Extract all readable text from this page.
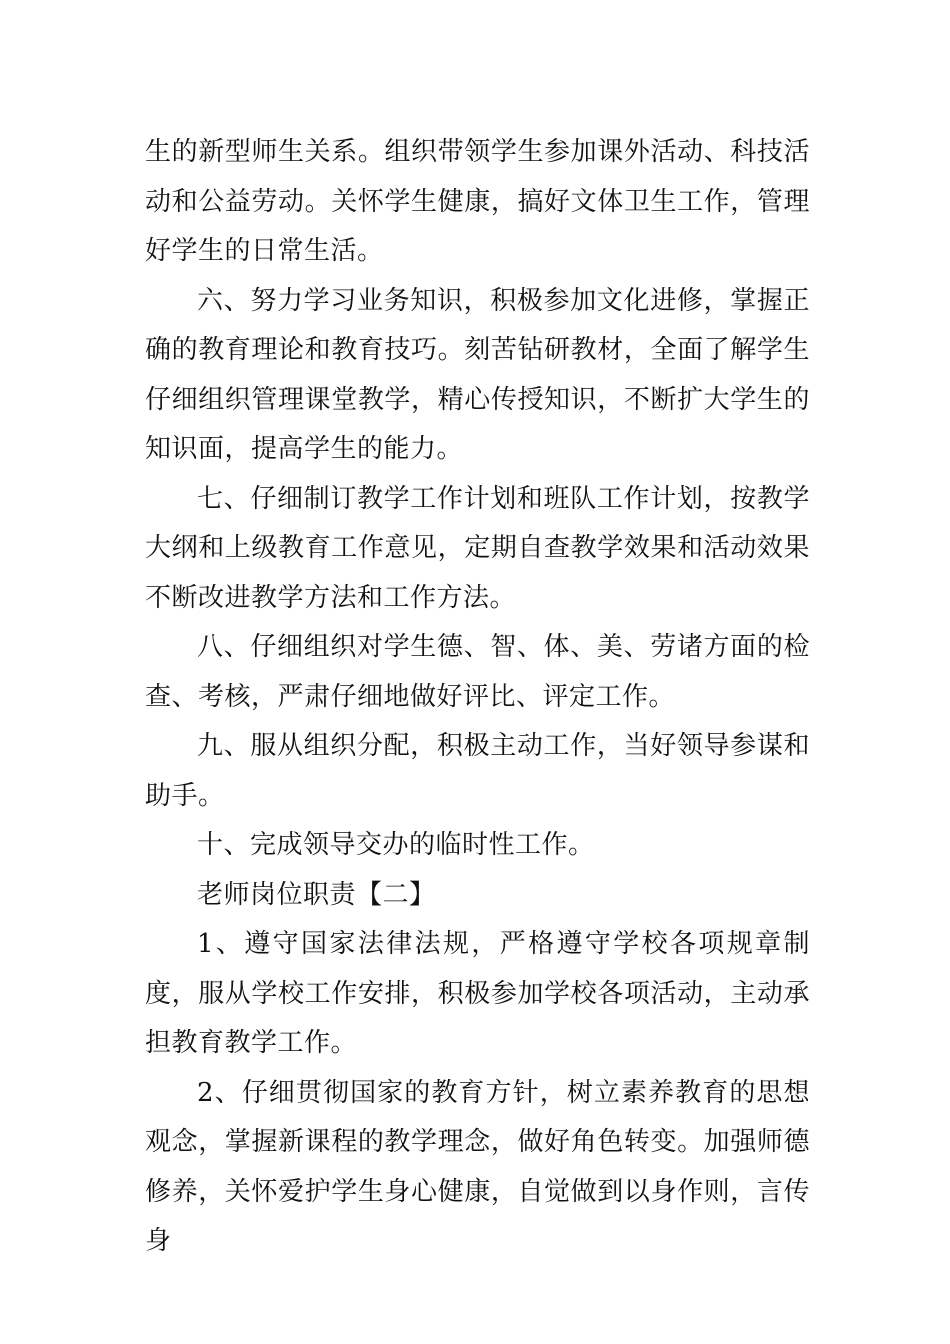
生的新型师生关系。组织带领学生参加课外活动、科技活动和公益劳动。关怀学生健康，搞好文体卫生工作，管理好学生的日常生活。

六、努力学习业务知识，积极参加文化进修，掌握正确的教育理论和教育技巧。刻苦钻研教材，全面了解学生仔细组织管理课堂教学，精心传授知识，不断扩大学生的知识面，提高学生的能力。

七、仔细制订教学工作计划和班队工作计划，按教学大纲和上级教育工作意见，定期自查教学效果和活动效果不断改进教学方法和工作方法。

八、仔细组织对学生德、智、体、美、劳诸方面的检查、考核，严肃仔细地做好评比、评定工作。

九、服从组织分配，积极主动工作，当好领导参谋和助手。

十、完成领导交办的临时性工作。

老师岗位职责【二】

1、遵守国家法律法规，严格遵守学校各项规章制度，服从学校工作安排，积极参加学校各项活动，主动承担教育教学工作。

2、仔细贯彻国家的教育方针，树立素养教育的思想观念，掌握新课程的教学理念，做好角色转变。加强师德修养，关怀爱护学生身心健康，自觉做到以身作则，言传身
